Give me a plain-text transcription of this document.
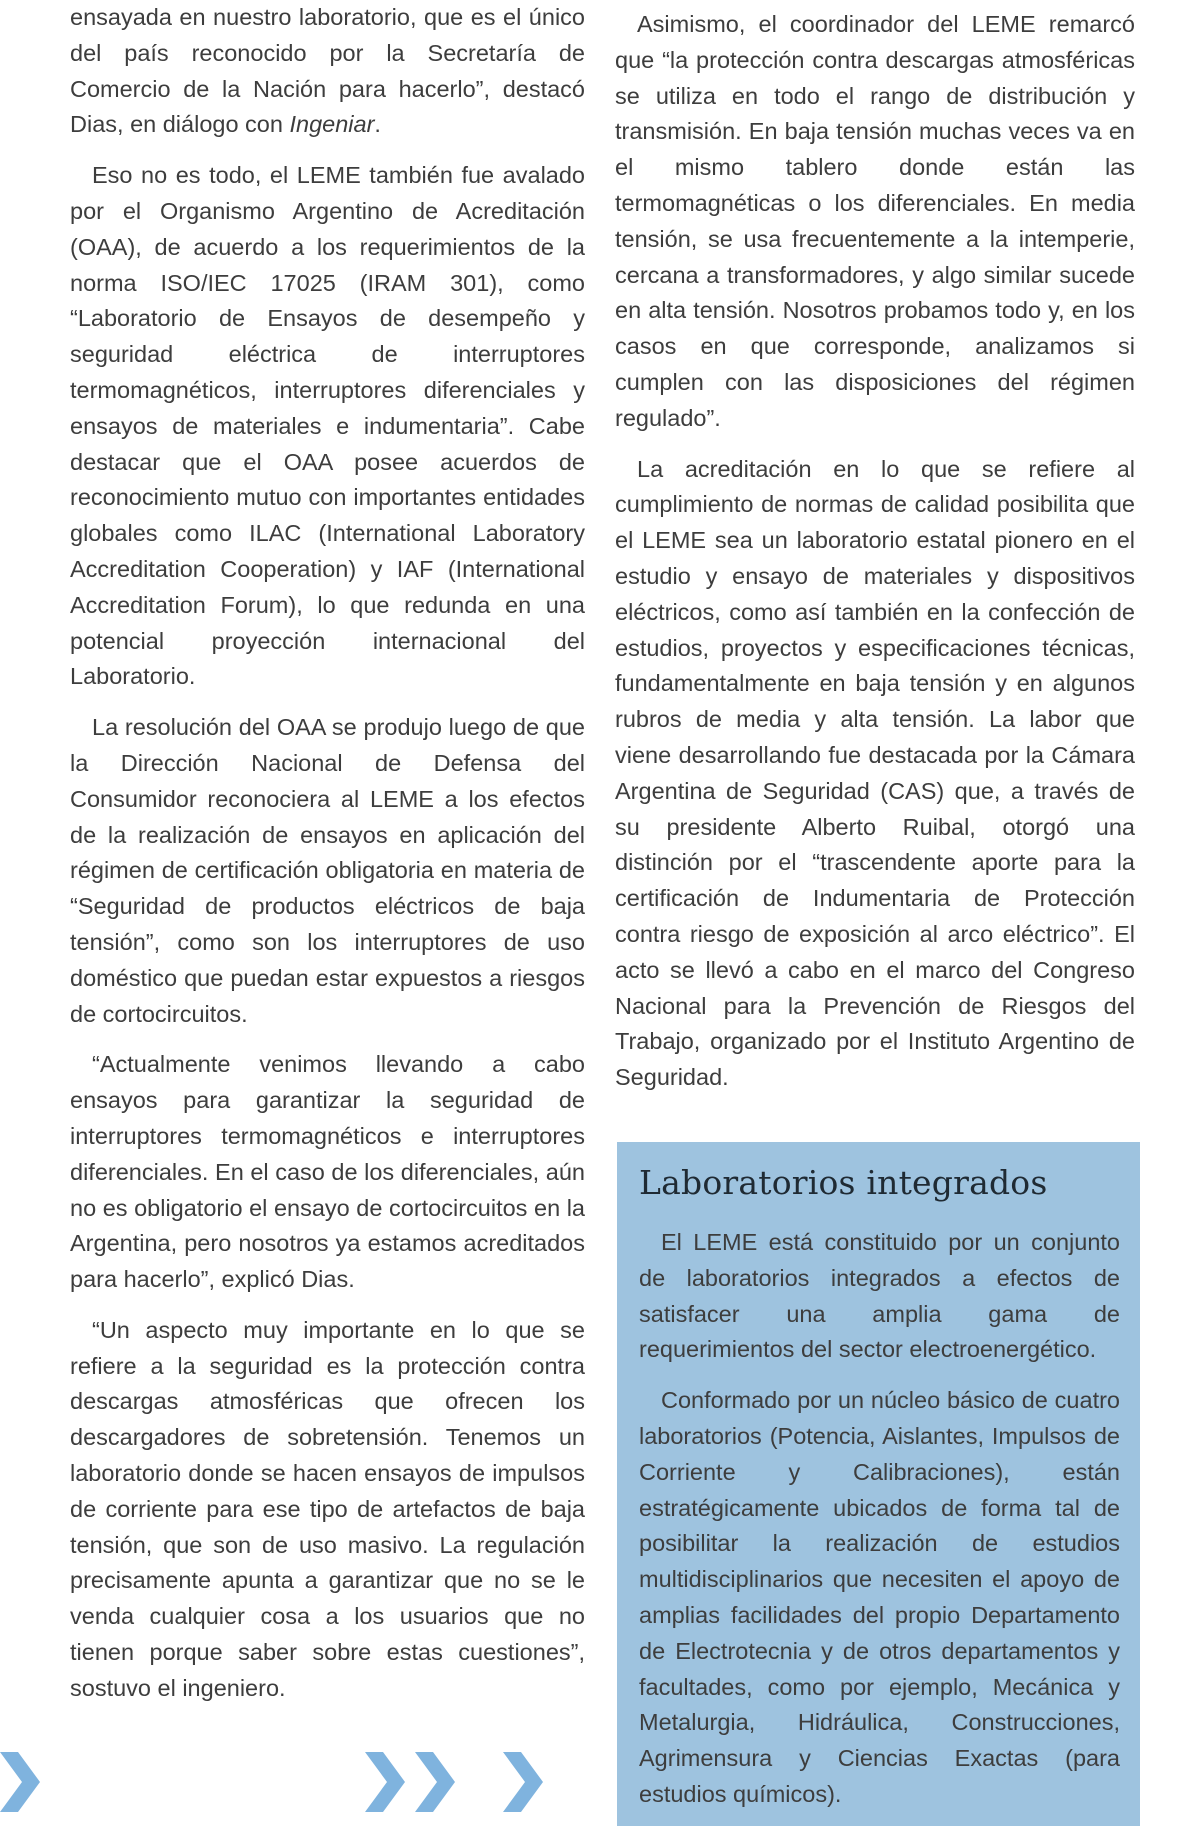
ensayada en nuestro laboratorio, que es el único del país reconocido por la Secretaría de Comercio de la Nación para hacerlo”, destacó Dias, en diálogo con Ingeniar.

Eso no es todo, el LEME también fue avalado por el Organismo Argentino de Acreditación (OAA), de acuerdo a los requerimientos de la norma ISO/IEC 17025 (IRAM 301), como “Laboratorio de Ensayos de desempeño y seguridad eléctrica de interruptores termomagnéticos, interruptores diferenciales y ensayos de materiales e indumentaria”. Cabe destacar que el OAA posee acuerdos de reconocimiento mutuo con importantes entidades globales como ILAC (International Laboratory Accreditation Cooperation) y IAF (International Accreditation Forum), lo que redunda en una potencial proyección internacional del Laboratorio.

La resolución del OAA se produjo luego de que la Dirección Nacional de Defensa del Consumidor reconociera al LEME a los efectos de la realización de ensayos en aplicación del régimen de certificación obligatoria en materia de “Seguridad de productos eléctricos de baja tensión”, como son los interruptores de uso doméstico que puedan estar expuestos a riesgos de cortocircuitos.

“Actualmente venimos llevando a cabo ensayos para garantizar la seguridad de interruptores termomagnéticos e interruptores diferenciales. En el caso de los diferenciales, aún no es obligatorio el ensayo de cortocircuitos en la Argentina, pero nosotros ya estamos acreditados para hacerlo”, explicó Dias.

“Un aspecto muy importante en lo que se refiere a la seguridad es la protección contra descargas atmosféricas que ofrecen los descargadores de sobretensión. Tenemos un laboratorio donde se hacen ensayos de impulsos de corriente para ese tipo de artefactos de baja tensión, que son de uso masivo. La regulación precisamente apunta a garantizar que no se le venda cualquier cosa a los usuarios que no tienen porque saber sobre estas cuestiones”, sostuvo el ingeniero.

Asimismo, el coordinador del LEME remarcó que “la protección contra descargas atmosféricas se utiliza en todo el rango de distribución y transmisión. En baja tensión muchas veces va en el mismo tablero donde están las termomagnéticas o los diferenciales. En media tensión, se usa frecuentemente a la intemperie, cercana a transformadores, y algo similar sucede en alta tensión. Nosotros probamos todo y, en los casos en que corresponde, analizamos si cumplen con las disposiciones del régimen regulado”.

La acreditación en lo que se refiere al cumplimiento de normas de calidad posibilita que el LEME sea un laboratorio estatal pionero en el estudio y ensayo de materiales y dispositivos eléctricos, como así también en la confección de estudios, proyectos y especificaciones técnicas, fundamentalmente en baja tensión y en algunos rubros de media y alta tensión. La labor que viene desarrollando fue destacada por la Cámara Argentina de Seguridad (CAS) que, a través de su presidente Alberto Ruibal, otorgó una distinción por el “trascendente aporte para la certificación de Indumentaria de Protección contra riesgo de exposición al arco eléctrico”. El acto se llevó a cabo en el marco del Congreso Nacional para la Prevención de Riesgos del Trabajo, organizado por el Instituto Argentino de Seguridad.

Laboratorios integrados

El LEME está constituido por un conjunto de laboratorios integrados a efectos de satisfacer una amplia gama de requerimientos del sector electroenergético.

Conformado por un núcleo básico de cuatro laboratorios (Potencia, Aislantes, Impulsos de Corriente y Calibraciones), están estratégicamente ubicados de forma tal de posibilitar la realización de estudios multidisciplinarios que necesiten el apoyo de amplias facilidades del propio Departamento de Electrotecnia y de otros departamentos y facultades, como por ejemplo, Mecánica y Metalurgia, Hidráulica, Construcciones, Agrimensura y Ciencias Exactas (para estudios químicos).
